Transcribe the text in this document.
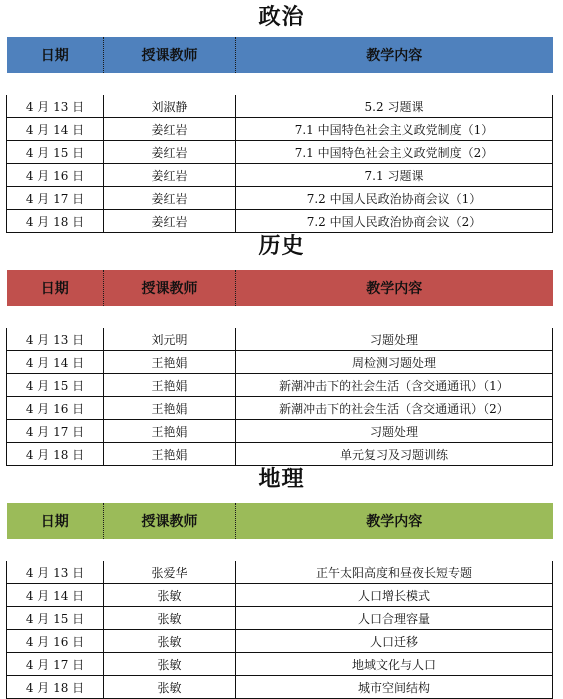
政治
日期	授课教师	教学内容

4 月 13 日	刘淑静	5.2 习题课
4 月 14 日	姜红岩	7.1 中国特色社会主义政党制度（1）
4 月 15 日	姜红岩	7.1 中国特色社会主义政党制度（2）
4 月 16 日	姜红岩	7.1 习题课
4 月 17 日	姜红岩	7.2 中国人民政治协商会议（1）
4 月 18 日	姜红岩	7.2 中国人民政治协商会议（2）
历史
日期	授课教师	教学内容

4 月 13 日	刘元明	习题处理
4 月 14 日	王艳娟	周检测习题处理
4 月 15 日	王艳娟	新潮冲击下的社会生活（含交通通讯）（1）
4 月 16 日	王艳娟	新潮冲击下的社会生活（含交通通讯）（2）
4 月 17 日	王艳娟	习题处理
4 月 18 日	王艳娟	单元复习及习题训练
地理
日期	授课教师	教学内容

4 月 13 日	张爱华	正午太阳高度和昼夜长短专题
4 月 14 日	张敏	人口增长模式
4 月 15 日	张敏	人口合理容量
4 月 16 日	张敏	人口迁移
4 月 17 日	张敏	地域文化与人口
4 月 18 日	张敏	城市空间结构
